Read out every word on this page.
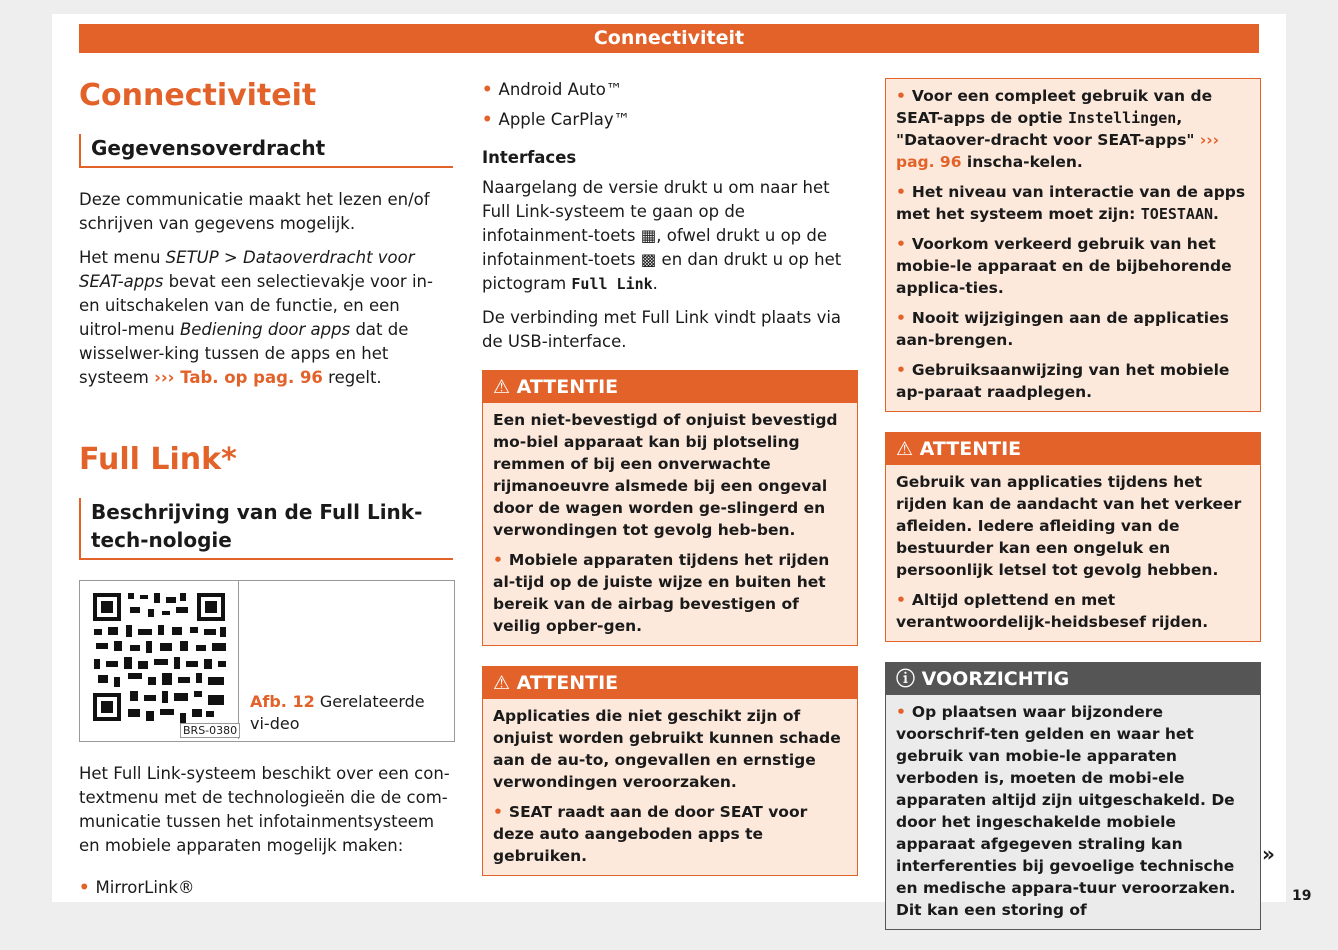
Connectiviteit
Connectiviteit
Gegevensoverdracht

Deze communicatie maakt het lezen en/of schrijven van gegevens mogelijk.

Het menu SETUP > Dataoverdracht voor SEAT-apps bevat een selectievakje voor in- en uitschakelen van de functie, en een uitrol-menu Bediening door apps dat de wisselwer-king tussen de apps en het systeem ››› Tab. op pag. 96 regelt.

Full Link*
Beschrijving van de Full Link-tech-nologie
BRS-0380
Afb. 12 Gerelateerde vi-deo

Het Full Link-systeem beschikt over een con-textmenu met de technologieën die de com-municatie tussen het infotainmentsysteem en mobiele apparaten mogelijk maken:

• MirrorLink®
• Android Auto™
• Apple CarPlay™
Interfaces

Naargelang de versie drukt u om naar het Full Link-systeem te gaan op de infotainment-toets ▦, ofwel drukt u op de infotainment-toets ▩ en dan drukt u op het pictogram Full Link.

De verbinding met Full Link vindt plaats via de USB-interface.

⚠ ATTENTIE

Een niet-bevestigd of onjuist bevestigd mo-biel apparaat kan bij plotseling remmen of bij een onverwachte rijmanoeuvre alsmede bij een ongeval door de wagen worden ge-slingerd en verwondingen tot gevolg heb-ben.

• Mobiele apparaten tijdens het rijden al-tijd op de juiste wijze en buiten het bereik van de airbag bevestigen of veilig opber-gen.

⚠ ATTENTIE

Applicaties die niet geschikt zijn of onjuist worden gebruikt kunnen schade aan de au-to, ongevallen en ernstige verwondingen veroorzaken.

• SEAT raadt aan de door SEAT voor deze auto aangeboden apps te gebruiken.

• Voor een compleet gebruik van de SEAT-apps de optie Instellingen, "Dataover-dracht voor SEAT-apps" ››› pag. 96 inscha-kelen.

• Het niveau van interactie van de apps met het systeem moet zijn: TOESTAAN.

• Voorkom verkeerd gebruik van het mobie-le apparaat en de bijbehorende applica-ties.

• Nooit wijzigingen aan de applicaties aan-brengen.

• Gebruiksaanwijzing van het mobiele ap-paraat raadplegen.

⚠ ATTENTIE

Gebruik van applicaties tijdens het rijden kan de aandacht van het verkeer afleiden. Iedere afleiding van de bestuurder kan een ongeluk en persoonlijk letsel tot gevolg hebben.

• Altijd oplettend en met verantwoordelijk-heidsbesef rijden.

ⓘ VOORZICHTIG

• Op plaatsen waar bijzondere voorschrif-ten gelden en waar het gebruik van mobie-le apparaten verboden is, moeten de mobi-ele apparaten altijd zijn uitgeschakeld. De door het ingeschakelde mobiele apparaat afgegeven straling kan interferenties bij gevoelige technische en medische appara-tuur veroorzaken. Dit kan een storing of

»
19
